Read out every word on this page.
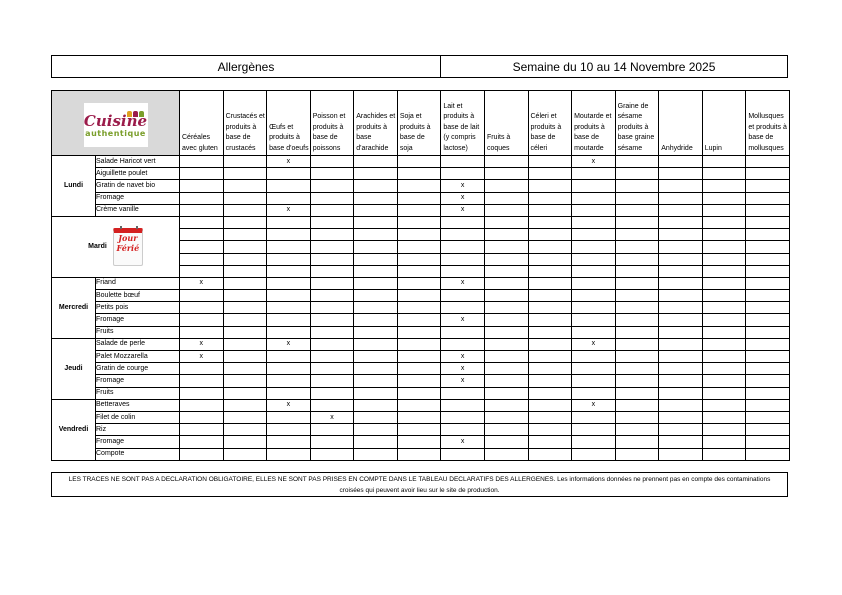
Allergènes	Semaine du 10 au 14 Novembre 2025
Cuisine
authentique		Céréales avec gluten	Crustacés et produits à base de crustacés	Œufs et produits à base d'oeufs	Poisson et produits à base de poissons	Arachides et produits à base d'arachide	Soja et produits à base de soja	Lait et produits à base de lait (y compris lactose)	Fruits à coques	Céleri et produits à base de céleri	Moutarde et produits à base de moutarde	Graine de sésame produits à base graine sésame	Anhydride	Lupin	Mollusques et produits à base de mollusques
Lundi	Salade Haricot vert			x							x				
	Aiguillette poulet														
	Gratin de navet bio							x							
	Fromage							x							
	Crème vanille			x				x							
Mardi
Jour
Férié															

Mercredi	Friand	x						x							
	Boulette bœuf														
	Petits pois														
	Fromage							x							
	Fruits														
Jeudi	Salade de perle	x		x							x				
	Palet Mozzarella	x						x							
	Gratin de courge							x							
	Fromage							x							
	Fruits														
Vendredi	Betteraves			x							x				
	Filet de colin				x										
	Riz														
	Fromage							x							
	Compote														
LES TRACES NE SONT PAS A DECLARATION OBLIGATOIRE, ELLES NE SONT PAS PRISES EN COMPTE DANS LE TABLEAU DECLARATIFS DES ALLERGENES. Les informations données ne prennent pas en compte des contaminations croisées qui peuvent avoir lieu sur le site de production.
